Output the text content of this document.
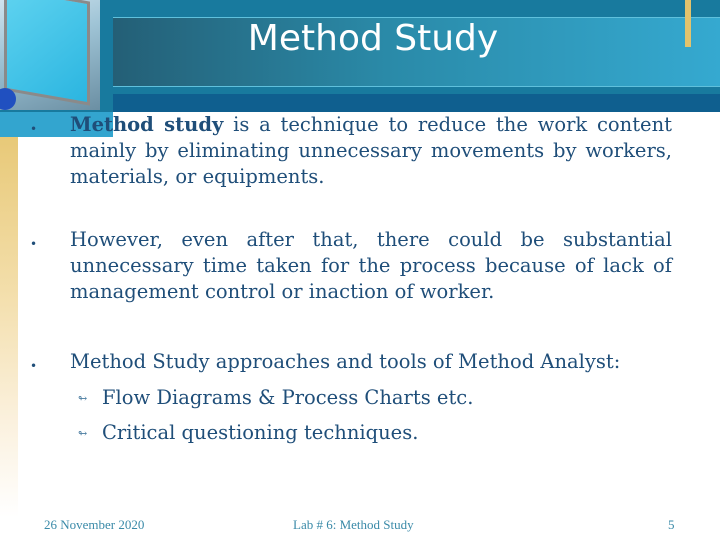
Method Study
• Method study is a technique to reduce the work content mainly by eliminating unnecessary movements by workers, materials, or equipments.
• However, even after that, there could be substantial unnecessary time taken for the process because of lack of management control or inaction of worker.
• Method Study approaches and tools of Method Analyst:
↬ Flow Diagrams & Process Charts etc.
↬ Critical questioning techniques.
26 November 2020	Lab # 6: Method Study	5
